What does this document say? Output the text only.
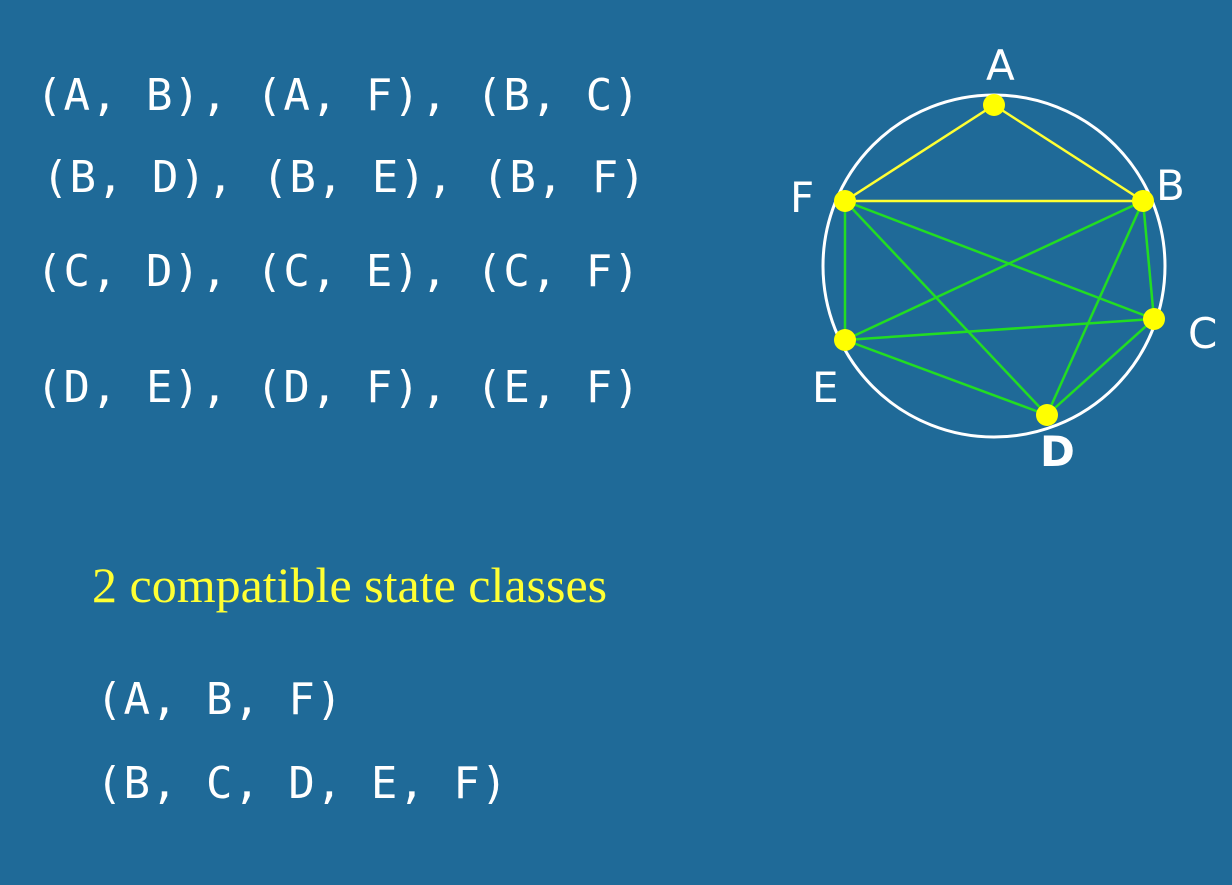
(A, B), (A, F), (B, C)
(B, D), (B, E), (B, F)
(C, D), (C, E), (C, F)
(D, E), (D, F), (E, F)
2 compatible state classes
(A, B, F)
(B, C, D, E, F)
A
B
C
D
E
F
